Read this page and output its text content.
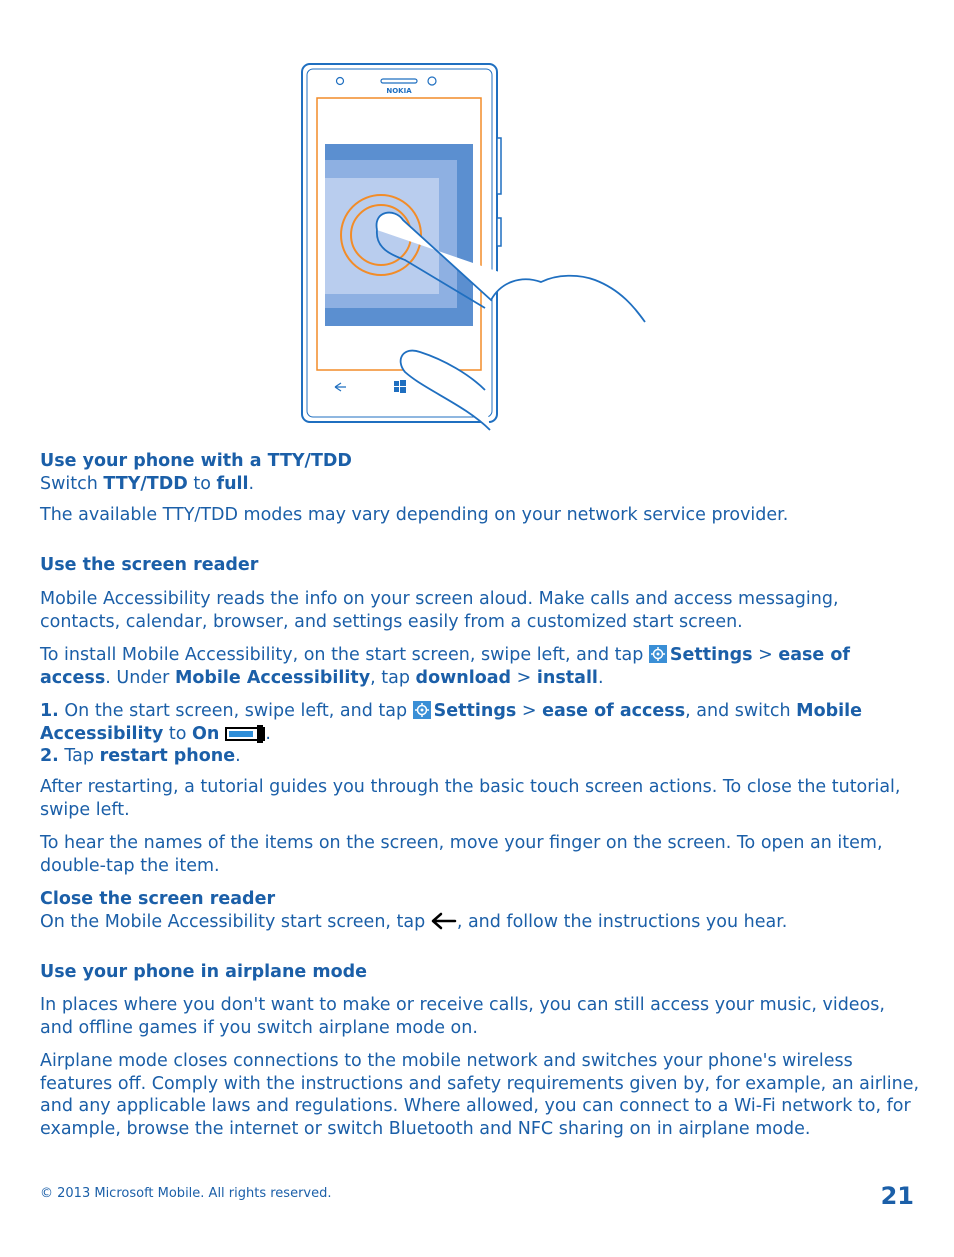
NOKIA

Use your phone with a TTY/TDD

Switch TTY/TDD to full.

The available TTY/TDD modes may vary depending on your network service provider.

Use the screen reader

Mobile Accessibility reads the info on your screen aloud. Make calls and access messaging, contacts, calendar, browser, and settings easily from a customized start screen.

To install Mobile Accessibility, on the start screen, swipe left, and tap
Settings > ease of access. Under Mobile Accessibility, tap download > install.

1. On the start screen, swipe left, and tap
Settings > ease of access, and switch Mobile Accessibility to On	.

2. Tap restart phone.

After restarting, a tutorial guides you through the basic touch screen actions. To close the tutorial, swipe left.

To hear the names of the items on the screen, move your finger on the screen. To open an item, double-tap the item.

Close the screen reader

On the Mobile Accessibility start screen, tap , and follow the instructions you hear.

Use your phone in airplane mode

In places where you don't want to make or receive calls, you can still access your music, videos, and offline games if you switch airplane mode on.

Airplane mode closes connections to the mobile network and switches your phone's wireless features off. Comply with the instructions and safety requirements given by, for example, an airline, and any applicable laws and regulations. Where allowed, you can connect to a Wi-Fi network to, for example, browse the internet or switch Bluetooth and NFC sharing on in airplane mode.

© 2013 Microsoft Mobile. All rights reserved.	21
